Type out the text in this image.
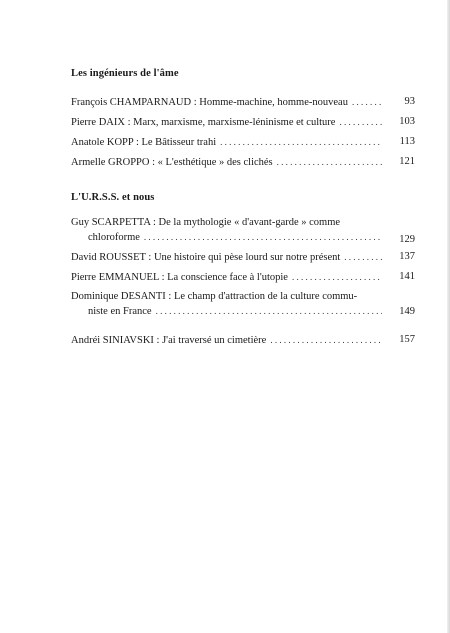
Les ingénieurs de l'âme
François CHAMPARNAUD : Homme-machine, homme-nouveau . . .	93
Pierre DAIX : Marx, marxisme, marxisme-léninisme et culture . . .	103
Anatole KOPP : Le Bâtisseur trahi . . .	113
Armelle GROPPO : « L'esthétique » des clichés . . .	121
L'U.R.S.S. et nous
Guy SCARPETTA : De la mythologie « d'avant-garde » comme
chloroforme . . .	129
David ROUSSET : Une histoire qui pèse lourd sur notre présent . . .	137
Pierre EMMANUEL : La conscience face à l'utopie . . .	141
Dominique DESANTI : Le champ d'attraction de la culture commu-
niste en France . . .	149
Andréi SINIAVSKI : J'ai traversé un cimetière . . .	157
